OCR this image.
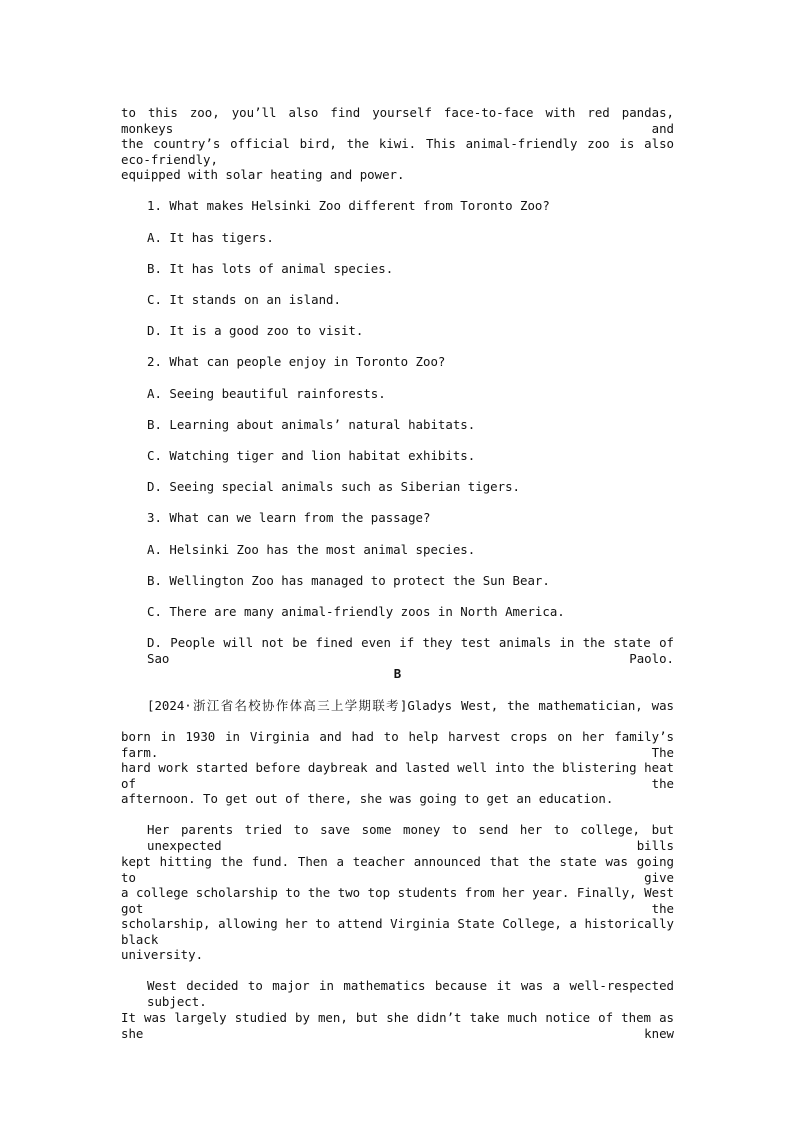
to this zoo, you’ll also find yourself face-to-face with red pandas, monkeys and
the country’s official bird, the kiwi. This animal-friendly zoo is also eco-friendly,
equipped with solar heating and power.
1. What makes Helsinki Zoo different from Toronto Zoo?
A. It has tigers.
B. It has lots of animal species.
C. It stands on an island.
D. It is a good zoo to visit.
2. What can people enjoy in Toronto Zoo?
A. Seeing beautiful rainforests.
B. Learning about animals’ natural habitats.
C. Watching tiger and lion habitat exhibits.
D. Seeing special animals such as Siberian tigers.
3. What can we learn from the passage?
A. Helsinki Zoo has the most animal species.
B. Wellington Zoo has managed to protect the Sun Bear.
C. There are many animal-friendly zoos in North America.
D. People will not be fined even if they test animals in the state of Sao Paolo.
B
[2024·浙江省名校协作体高三上学期联考]Gladys West, the mathematician, was
born in 1930 in Virginia and had to help harvest crops on her family’s farm. The
hard work started before daybreak and lasted well into the blistering heat of the
afternoon. To get out of there, she was going to get an education.
Her parents tried to save some money to send her to college, but unexpected bills
kept hitting the fund. Then a teacher announced that the state was going to give
a college scholarship to the two top students from her year. Finally, West got the
scholarship, allowing her to attend Virginia State College, a historically black
university.
West decided to major in mathematics because it was a well-respected subject.
It was largely studied by men, but she didn’t take much notice of them as she knew
